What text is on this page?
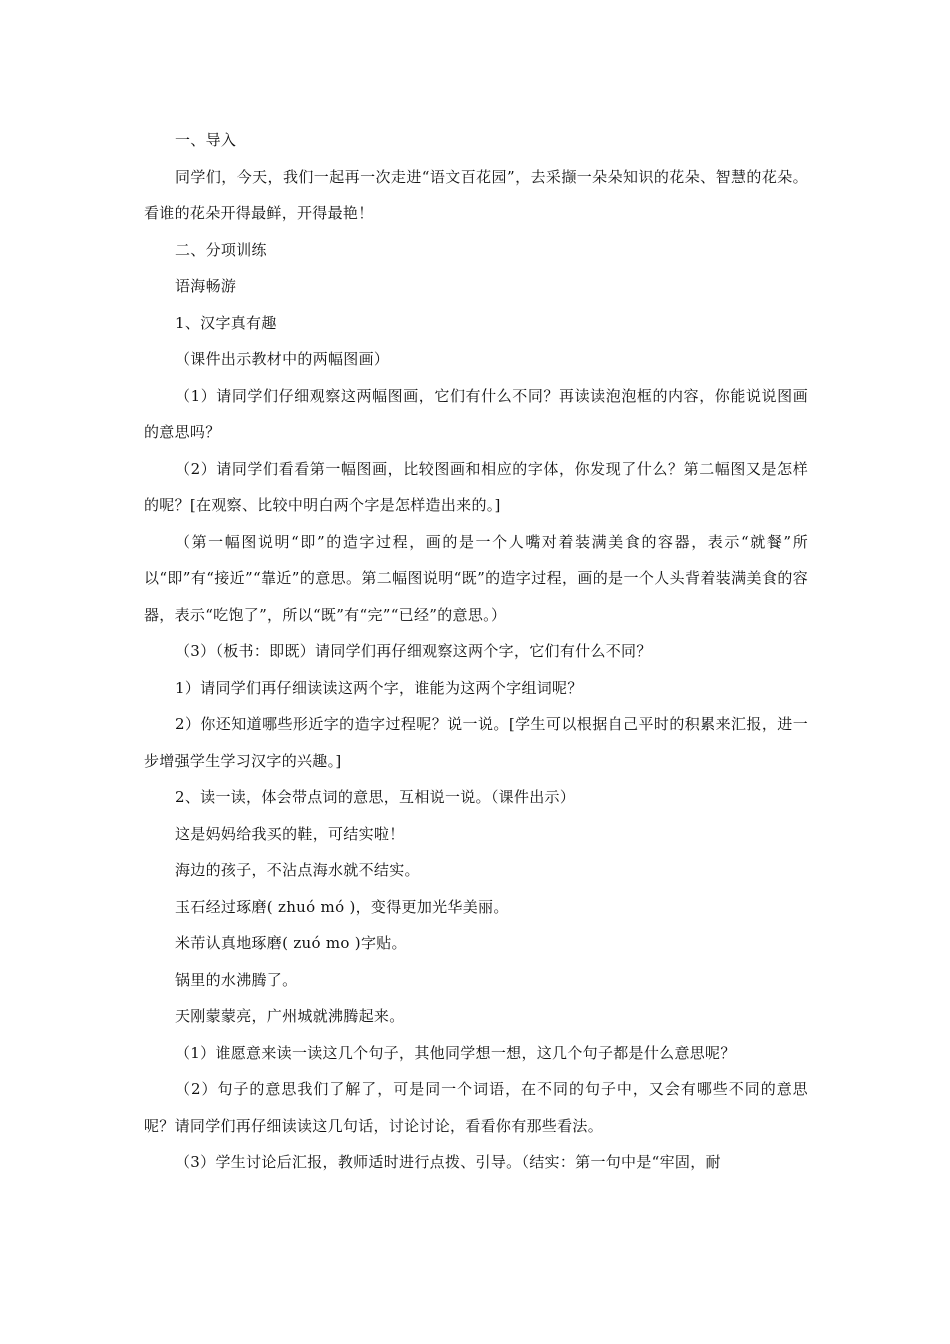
一、导入

同学们，今天，我们一起再一次走进“语文百花园”，去采撷一朵朵知识的花朵、智慧的花朵。看谁的花朵开得最鲜，开得最艳！

二、分项训练

语海畅游

1、汉字真有趣

（课件出示教材中的两幅图画）

（1）请同学们仔细观察这两幅图画，它们有什么不同？再读读泡泡框的内容，你能说说图画的意思吗？

（2）请同学们看看第一幅图画，比较图画和相应的字体，你发现了什么？第二幅图又是怎样的呢？[在观察、比较中明白两个字是怎样造出来的。]

（第一幅图说明“即”的造字过程，画的是一个人嘴对着装满美食的容器，表示“就餐”所以“即”有“接近”“靠近”的意思。第二幅图说明“既”的造字过程，画的是一个人头背着装满美食的容器，表示“吃饱了”，所以“既”有“完”“已经”的意思。）

（3）（板书：即既）请同学们再仔细观察这两个字，它们有什么不同？

1）请同学们再仔细读读这两个字，谁能为这两个字组词呢？

2）你还知道哪些形近字的造字过程呢？说一说。[学生可以根据自己平时的积累来汇报，进一步增强学生学习汉字的兴趣。]

2、读一读，体会带点词的意思，互相说一说。（课件出示）

这是妈妈给我买的鞋，可结实啦！

海边的孩子，不沾点海水就不结实。

玉石经过琢磨( zhuó mó )，变得更加光华美丽。

米芾认真地琢磨( zuó mo )字贴。

锅里的水沸腾了。

天刚蒙蒙亮，广州城就沸腾起来。

（1）谁愿意来读一读这几个句子，其他同学想一想，这几个句子都是什么意思呢？

（2）句子的意思我们了解了，可是同一个词语，在不同的句子中，又会有哪些不同的意思呢？请同学们再仔细读读这几句话，讨论讨论，看看你有那些看法。

（3）学生讨论后汇报，教师适时进行点拨、引导。（结实：第一句中是“牢固，耐
